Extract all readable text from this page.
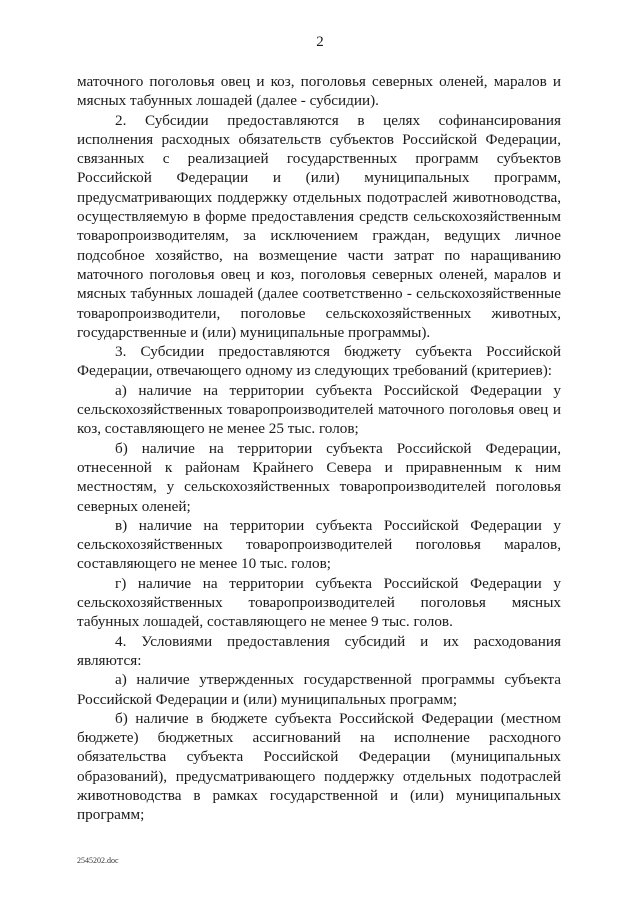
2

маточного поголовья овец и коз, поголовья северных оленей, маралов и мясных табунных лошадей (далее - субсидии).

2. Субсидии предоставляются в целях софинансирования исполнения расходных обязательств субъектов Российской Федерации, связанных с реализацией государственных программ субъектов Российской Федерации и (или) муниципальных программ, предусматривающих поддержку отдельных подотраслей животноводства, осуществляемую в форме предоставления средств сельскохозяйственным товаропроизводителям, за исключением граждан, ведущих личное подсобное хозяйство, на возмещение части затрат по наращиванию маточного поголовья овец и коз, поголовья северных оленей, маралов и мясных табунных лошадей (далее соответственно - сельскохозяйственные товаропроизводители, поголовье сельскохозяйственных животных, государственные и (или) муниципальные программы).

3. Субсидии предоставляются бюджету субъекта Российской Федерации, отвечающего одному из следующих требований (критериев):

а) наличие на территории субъекта Российской Федерации у сельскохозяйственных товаропроизводителей маточного поголовья овец и коз, составляющего не менее 25 тыс. голов;

б) наличие на территории субъекта Российской Федерации, отнесенной к районам Крайнего Севера и приравненным к ним местностям, у сельскохозяйственных товаропроизводителей поголовья северных оленей;

в) наличие на территории субъекта Российской Федерации у сельскохозяйственных товаропроизводителей поголовья маралов, составляющего не менее 10 тыс. голов;

г) наличие на территории субъекта Российской Федерации у сельскохозяйственных товаропроизводителей поголовья мясных табунных лошадей, составляющего не менее 9 тыс. голов.

4. Условиями предоставления субсидий и их расходования являются:

а) наличие утвержденных государственной программы субъекта Российской Федерации и (или) муниципальных программ;

б) наличие в бюджете субъекта Российской Федерации (местном бюджете) бюджетных ассигнований на исполнение расходного обязательства субъекта Российской Федерации (муниципальных образований), предусматривающего поддержку отдельных подотраслей животноводства в рамках государственной и (или) муниципальных программ;

2545202.doc
